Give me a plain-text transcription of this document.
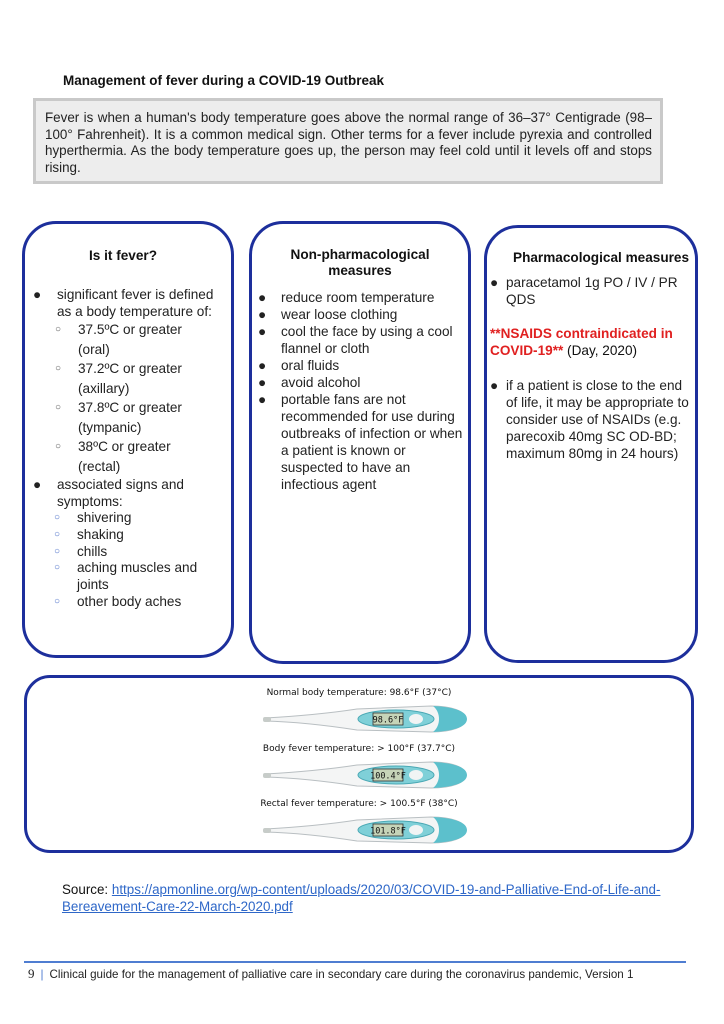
Management of fever during a COVID-19 Outbreak
Fever is when a human's body temperature goes above the normal range of 36–37° Centigrade (98–100° Fahrenheit). It is a common medical sign. Other terms for a fever include pyrexia and controlled hyperthermia. As the body temperature goes up, the person may feel cold until it levels off and stops rising.
Is it fever?
● significant fever is defined as a body temperature of:
○ 37.5ºC or greater
(oral)
○ 37.2ºC or greater
(axillary)
○ 37.8ºC or greater
(tympanic)
○ 38ºC or greater
(rectal)
● associated signs and symptoms:
○ shivering
○ shaking
○ chills
○ aching muscles and joints
○ other body aches
Non-pharmacological measures
● reduce room temperature
● wear loose clothing
● cool the face by using a cool flannel or cloth
● oral fluids
● avoid alcohol
● portable fans are not recommended for use during outbreaks of infection or when a patient is known or suspected to have an infectious agent
Pharmacological measures
● paracetamol 1g PO / IV / PR QDS
**NSAIDS contraindicated in COVID-19** (Day, 2020)
● if a patient is close to the end of life, it may be appropriate to consider use of NSAIDs (e.g. parecoxib 40mg SC OD-BD; maximum 80mg in 24 hours)
Normal body temperature: 98.6°F (37°C)
98.6°F
Body fever temperature: > 100°F (37.7°C)
100.4°F
Rectal fever temperature: > 100.5°F (38°C)
101.8°F
Source: https://apmonline.org/wp-content/uploads/2020/03/COVID-19-and-Palliative-End-of-Life-and-Bereavement-Care-22-March-2020.pdf
9 | Clinical guide for the management of palliative care in secondary care during the coronavirus pandemic, Version 1
